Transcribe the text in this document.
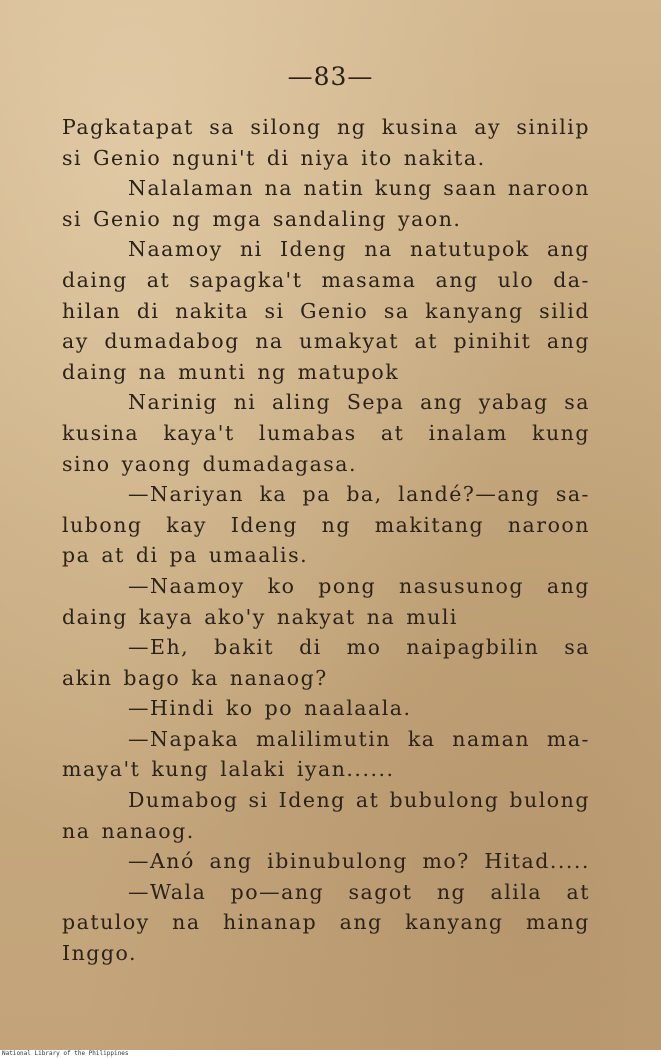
—83—
Pagkatapat sa silong ng kusina ay sinilip
si Genio nguni't di niya ito nakita.
Nalalaman na natin kung saan naroon
si Genio ng mga sandaling yaon.
Naamoy ni Ideng na natutupok ang
daing at sapagka't masama ang ulo da-
hilan di nakita si Genio sa kanyang silid
ay dumadabog na umakyat at pinihit ang
daing na munti ng matupok
Narinig ni aling Sepa ang yabag sa
kusina kaya't lumabas at inalam kung
sino yaong dumadagasa.
—Nariyan ka pa ba, landé?—ang sa-
lubong kay Ideng ng makitang naroon
pa at di pa umaalis.
—Naamoy ko pong nasusunog ang
daing kaya ako'y nakyat na muli
—Eh, bakit di mo naipagbilin sa
akin bago ka nanaog?
—Hindi ko po naalaala.
—Napaka malilimutin ka naman ma-
maya't kung lalaki iyan......
Dumabog si Ideng at bubulong bulong
na nanaog.
—Anó ang ibinubulong mo? Hitad.....
—Wala po—ang sagot ng alila at
patuloy na hinanap ang kanyang mang
Inggo.
National Library of the Philippines
